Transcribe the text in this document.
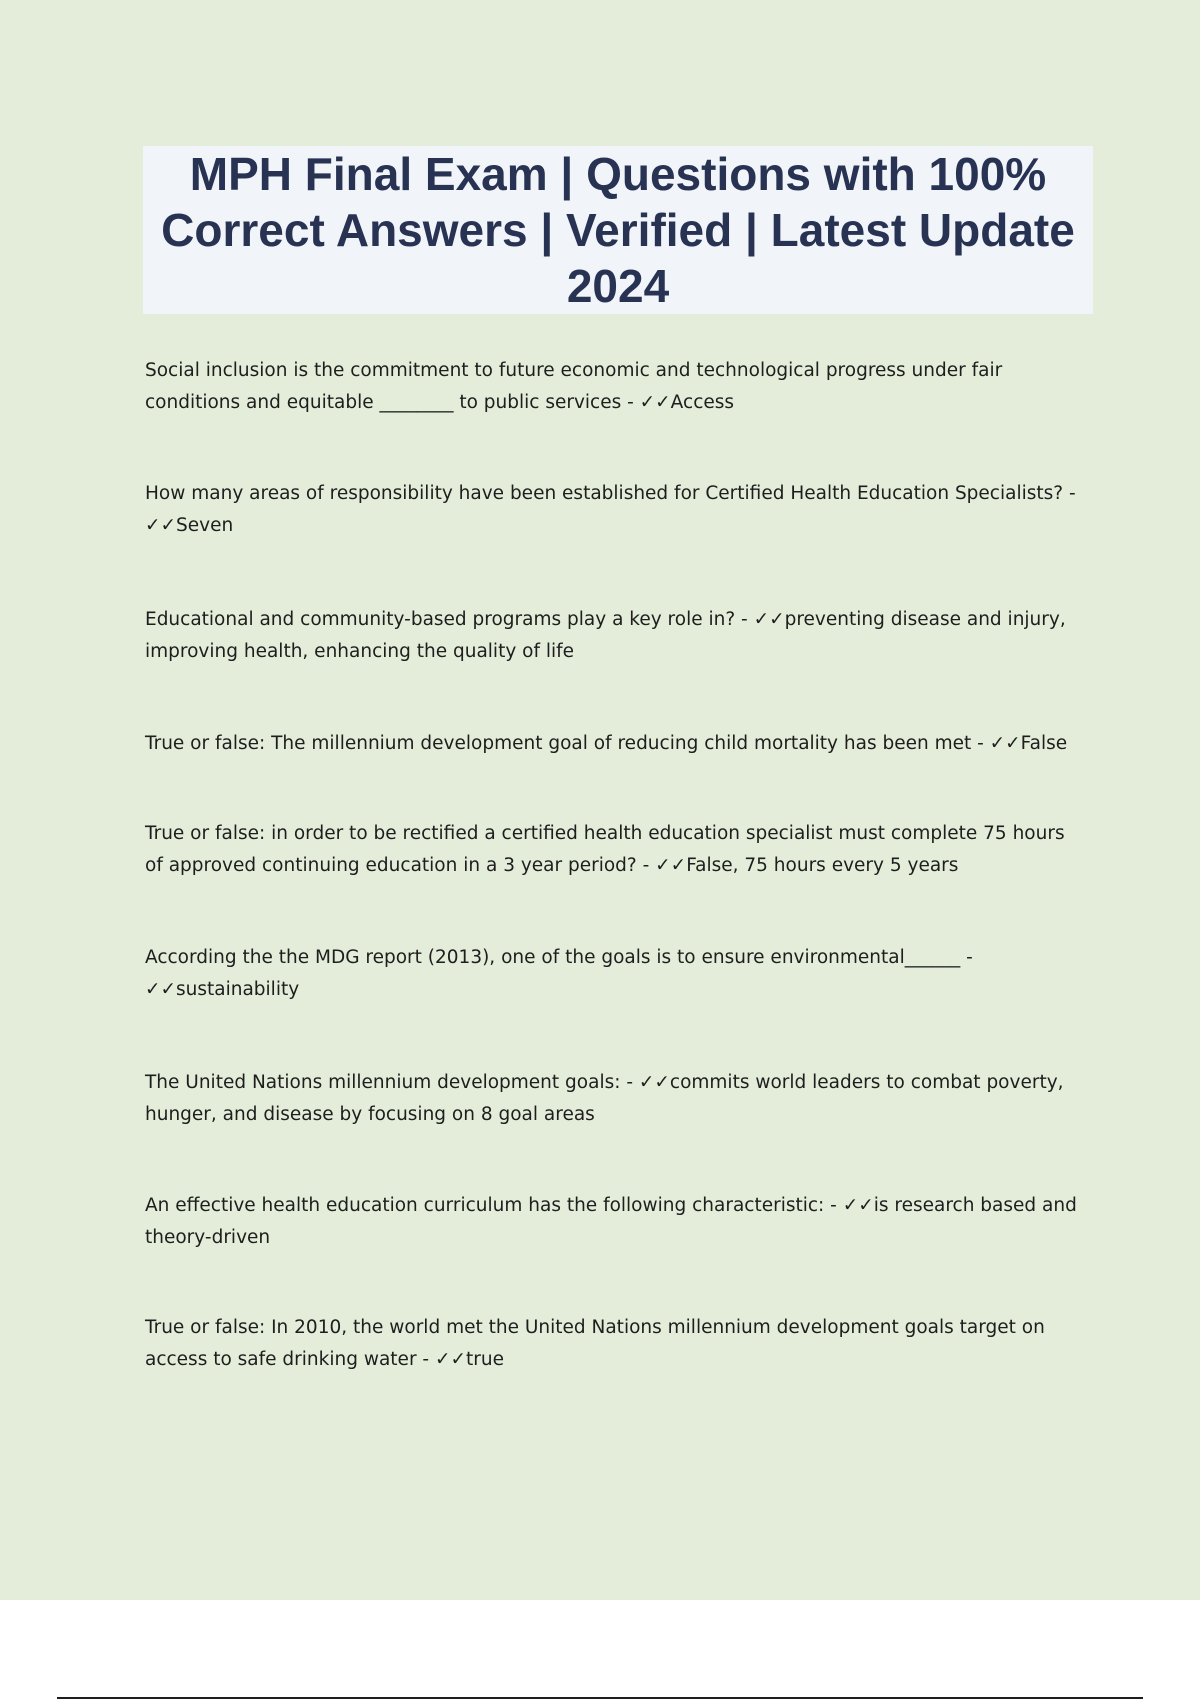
MPH Final Exam | Questions with 100% Correct Answers | Verified | Latest Update 2024

Social inclusion is the commitment to future economic and technological progress under fair conditions and equitable ________ to public services - ✓✓Access

How many areas of responsibility have been established for Certified Health Education Specialists? - ✓✓Seven

Educational and community-based programs play a key role in? - ✓✓preventing disease and injury, improving health, enhancing the quality of life

True or false: The millennium development goal of reducing child mortality has been met - ✓✓False

True or false: in order to be rectified a certified health education specialist must complete 75 hours of approved continuing education in a 3 year period? - ✓✓False, 75 hours every 5 years

According the the MDG report (2013), one of the goals is to ensure environmental______ - ✓✓sustainability

The United Nations millennium development goals: - ✓✓commits world leaders to combat poverty, hunger, and disease by focusing on 8 goal areas

An effective health education curriculum has the following characteristic: - ✓✓is research based and theory-driven

True or false: In 2010, the world met the United Nations millennium development goals target on access to safe drinking water - ✓✓true
